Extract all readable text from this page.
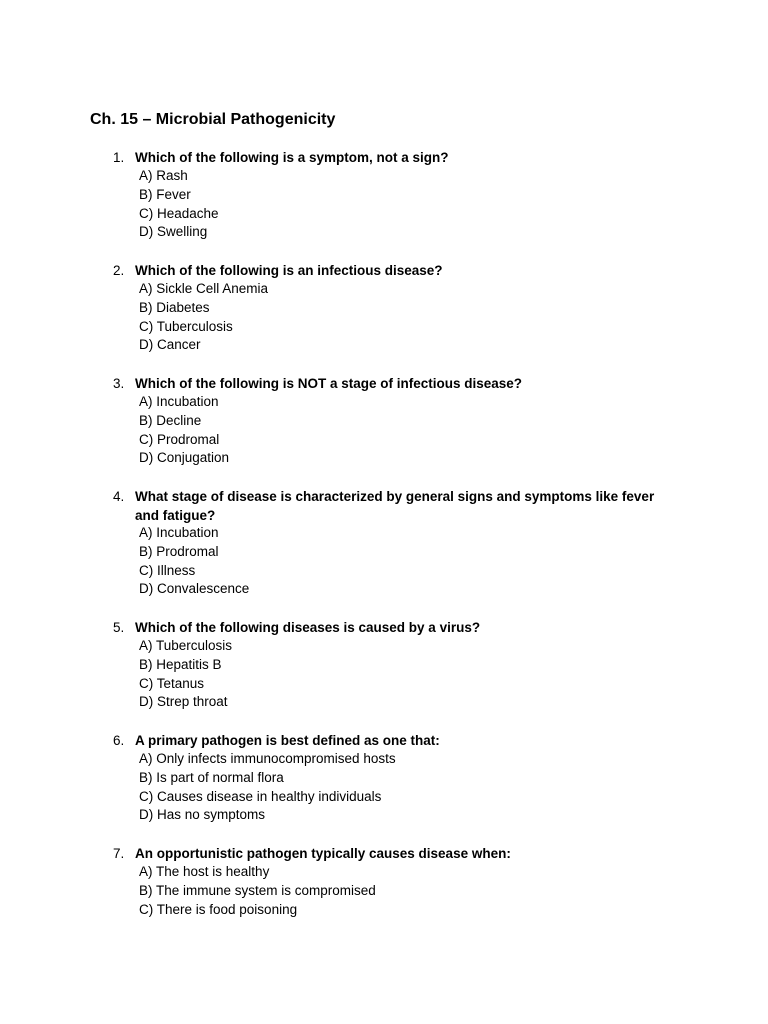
Ch. 15 – Microbial Pathogenicity
1. Which of the following is a symptom, not a sign?
A) Rash
B) Fever
C) Headache
D) Swelling
2. Which of the following is an infectious disease?
A) Sickle Cell Anemia
B) Diabetes
C) Tuberculosis
D) Cancer
3. Which of the following is NOT a stage of infectious disease?
A) Incubation
B) Decline
C) Prodromal
D) Conjugation
4. What stage of disease is characterized by general signs and symptoms like fever and fatigue?
A) Incubation
B) Prodromal
C) Illness
D) Convalescence
5. Which of the following diseases is caused by a virus?
A) Tuberculosis
B) Hepatitis B
C) Tetanus
D) Strep throat
6. A primary pathogen is best defined as one that:
A) Only infects immunocompromised hosts
B) Is part of normal flora
C) Causes disease in healthy individuals
D) Has no symptoms
7. An opportunistic pathogen typically causes disease when:
A) The host is healthy
B) The immune system is compromised
C) There is food poisoning
